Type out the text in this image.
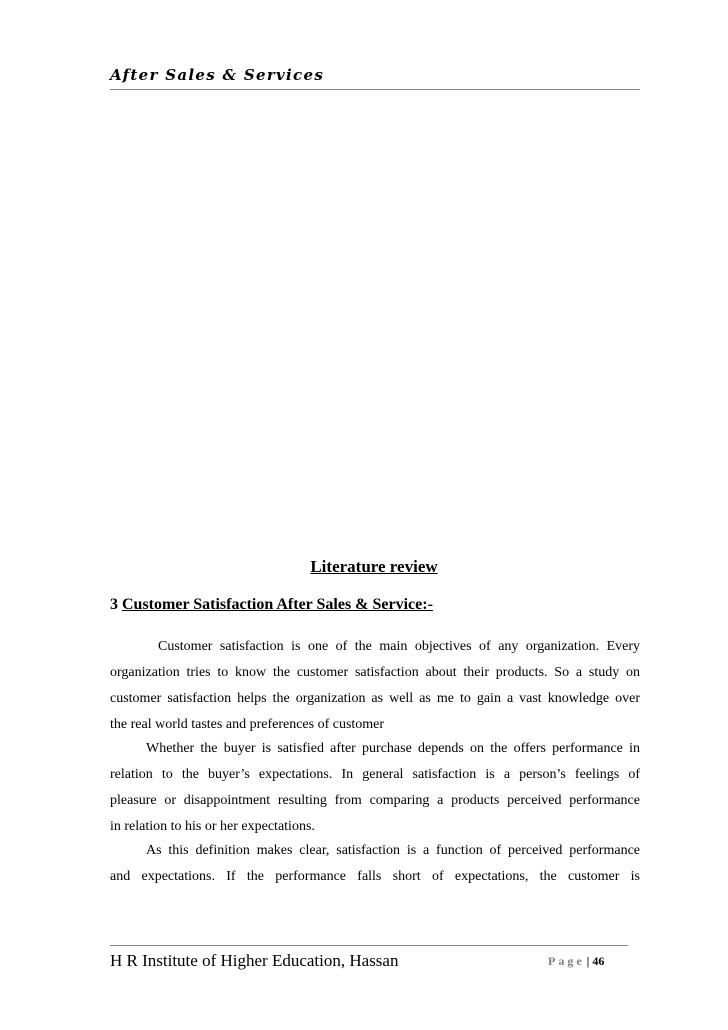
After Sales & Services
Literature review
3 Customer Satisfaction After Sales & Service:-
Customer satisfaction is one of the main objectives of any organization. Every
organization tries to know the customer satisfaction about their products. So a study on
customer satisfaction helps the organization as well as me to gain a vast knowledge over
the real world tastes and preferences of customer
Whether the buyer is satisfied after purchase depends on the offers performance in
relation to the buyer’s expectations. In general satisfaction is a person’s feelings of
pleasure or disappointment resulting from comparing a products perceived performance
in relation to his or her expectations.
As this definition makes clear, satisfaction is a function of perceived performance
and expectations. If the performance falls short of expectations, the customer is
H R Institute of Higher Education, Hassan	Page | 46
